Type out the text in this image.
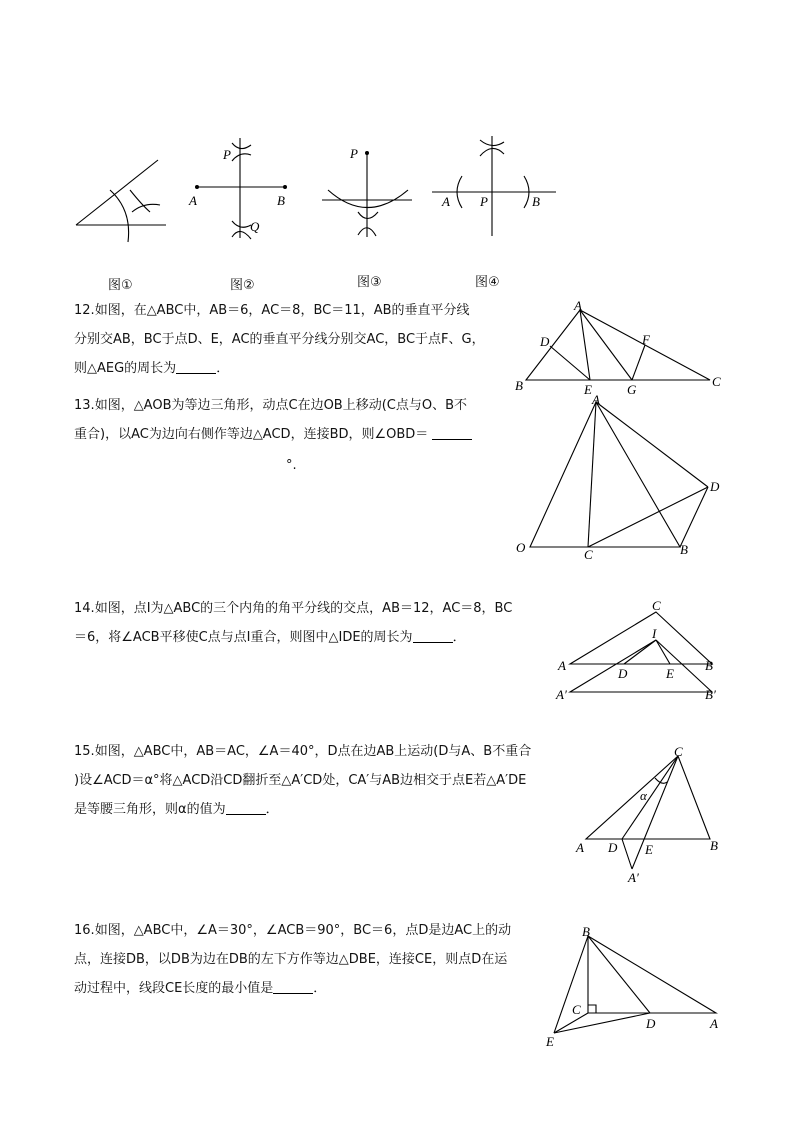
图①
P
A	B
Q
图②
P
图③
A P	B
图④
12.如图，在△ABC中，AB＝6，AC＝8，BC＝11，AB的垂直平分线
分别交AB，BC于点D、E，AC的垂直平分线分别交AC，BC于点F、G，
则△AEG的周长为	．
A
D	F
B	E	G
C
13.如图，△AOB为等边三角形，动点C在边OB上移动(C点与O、B不
重合)，以AC为边向右侧作等边△ACD，连接BD，则∠OBD＝
°.
A
D
O	C	B
14.如图，点I为△ABC的三个内角的角平分线的交点，AB＝12，AC＝8，BC
＝6，将∠ACB平移使C点与点I重合，则图中△IDE的周长为	．
C
I
A	B
D	E
A′	B′
15.如图，△ABC中，AB＝AC，∠A＝40°，D点在边AB上运动(D与A、B不重合
)设∠ACD＝α°将△ACD沿CD翻折至△A′CD处，CA′与AB边相交于点E若△A′DE
是等腰三角形，则α的值为	．
C
α
A D E	B
A′
16.如图，△ABC中，∠A＝30°，∠ACB＝90°，BC＝6，点D是边AC上的动
点，连接DB，以DB为边在DB的左下方作等边△DBE，连接CE，则点D在运
动过程中，线段CE长度的最小值是	．
B
C
D	A
E
